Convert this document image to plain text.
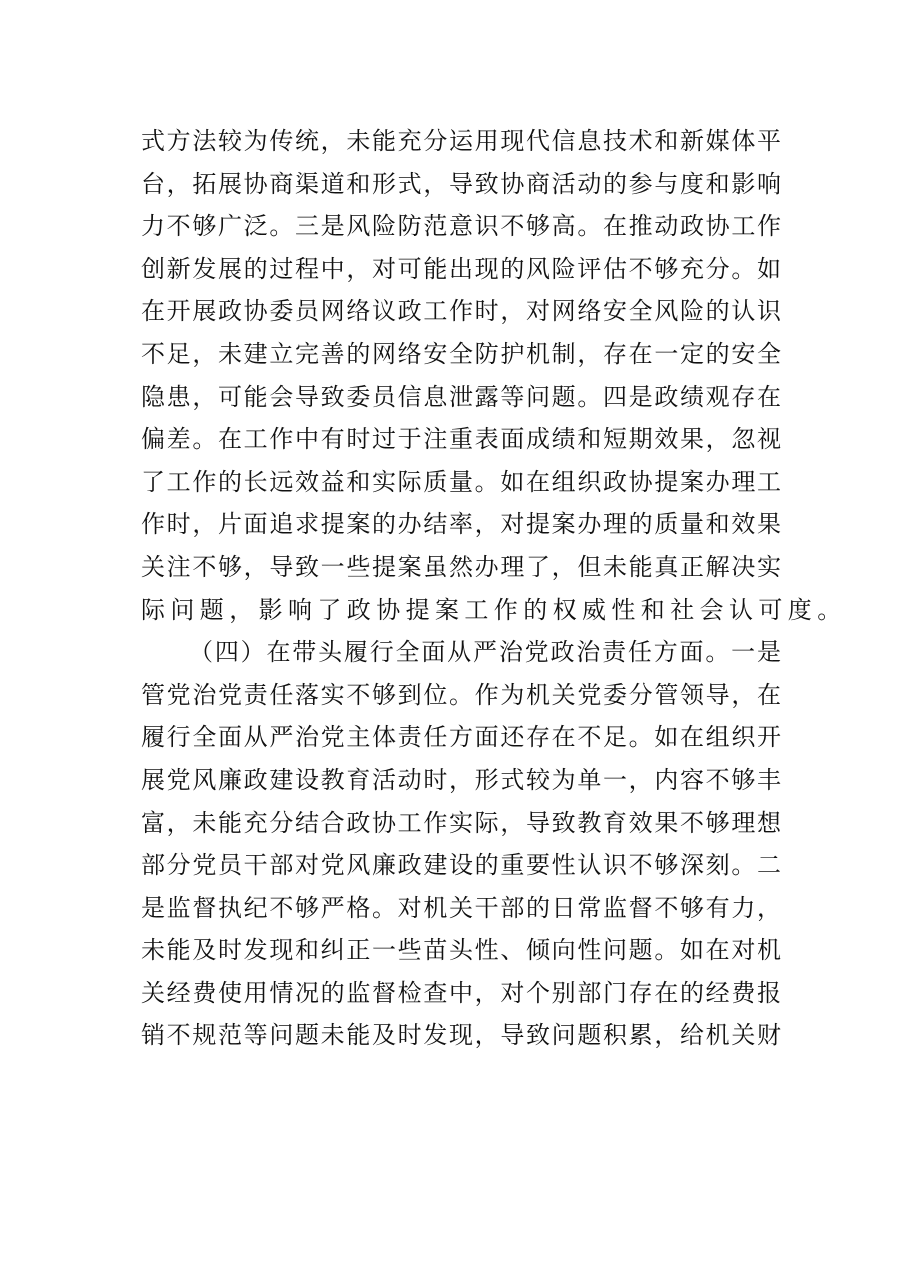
式方法较为传统，未能充分运用现代信息技术和新媒体平
台，拓展协商渠道和形式，导致协商活动的参与度和影响
力不够广泛。三是风险防范意识不够高。在推动政协工作
创新发展的过程中，对可能出现的风险评估不够充分。如
在开展政协委员网络议政工作时，对网络安全风险的认识
不足，未建立完善的网络安全防护机制，存在一定的安全
隐患，可能会导致委员信息泄露等问题。四是政绩观存在
偏差。在工作中有时过于注重表面成绩和短期效果，忽视
了工作的长远效益和实际质量。如在组织政协提案办理工
作时，片面追求提案的办结率，对提案办理的质量和效果
关注不够，导致一些提案虽然办理了，但未能真正解决实
际问题，影响了政协提案工作的权威性和社会认可度。
（四）在带头履行全面从严治党政治责任方面。一是
管党治党责任落实不够到位。作为机关党委分管领导，在
履行全面从严治党主体责任方面还存在不足。如在组织开
展党风廉政建设教育活动时，形式较为单一，内容不够丰
富，未能充分结合政协工作实际，导致教育效果不够理想
部分党员干部对党风廉政建设的重要性认识不够深刻。二
是监督执纪不够严格。对机关干部的日常监督不够有力，
未能及时发现和纠正一些苗头性、倾向性问题。如在对机
关经费使用情况的监督检查中，对个别部门存在的经费报
销不规范等问题未能及时发现，导致问题积累，给机关财
